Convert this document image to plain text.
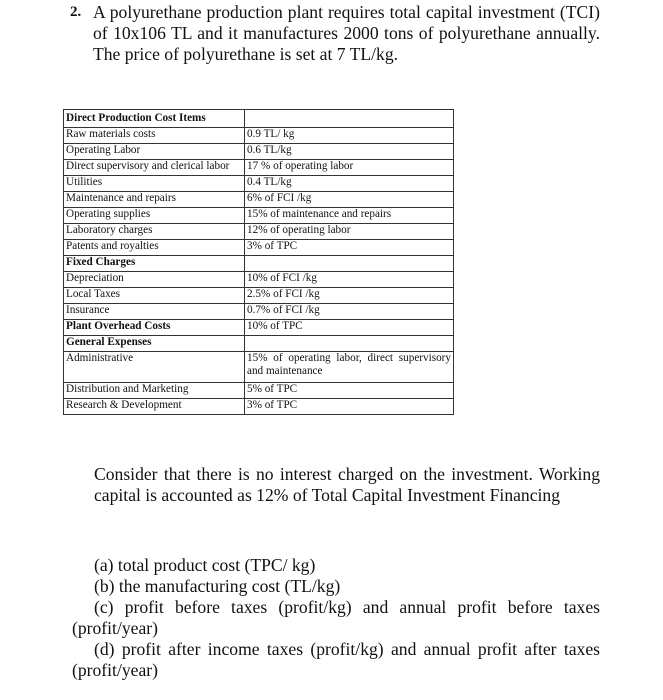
2. A polyurethane production plant requires total capital investment (TCI) of 10x106 TL and it manufactures 2000 tons of polyurethane annually. The price of polyurethane is set at 7 TL/kg.
Direct Production Cost Items	
Raw materials costs	0.9 TL/ kg
Operating Labor	0.6 TL/kg
Direct supervisory and clerical labor	17 % of operating labor
Utilities	0.4 TL/kg
Maintenance and repairs	6% of FCI /kg
Operating supplies	15% of maintenance and repairs
Laboratory charges	12% of operating labor
Patents and royalties	3% of TPC
Fixed Charges	
Depreciation	10% of FCI /kg
Local Taxes	2.5% of FCI /kg
Insurance	0.7% of FCI /kg
Plant Overhead Costs	10% of TPC
General Expenses	
Administrative	15% of operating labor, direct supervisory and maintenance
Distribution and Marketing	5% of TPC
Research & Development	3% of TPC
Consider that there is no interest charged on the investment. Working capital is accounted as 12% of Total Capital Investment Financing

(a) total product cost (TPC/ kg)

(b) the manufacturing cost (TL/kg)

(c) profit before taxes (profit/kg) and annual profit before taxes (profit/year)

(d) profit after income taxes (profit/kg) and annual profit after taxes (profit/year)
